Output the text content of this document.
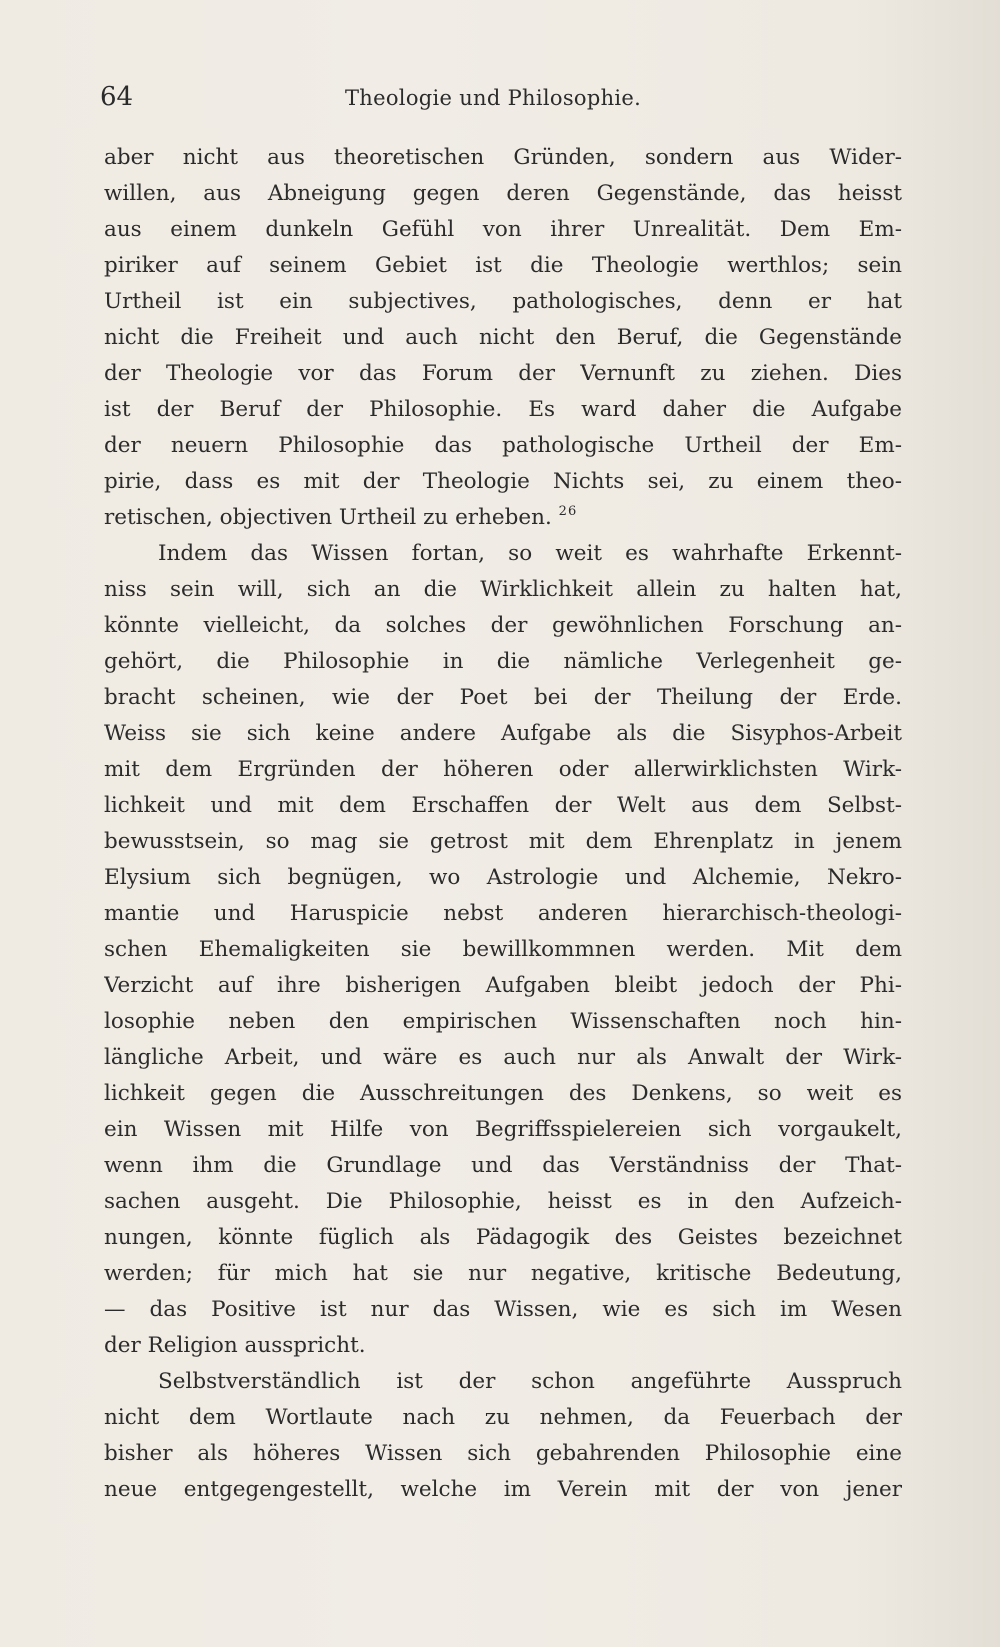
64	Theologie und Philosophie.

aber nicht aus theoretischen Gründen, sondern aus Wider-
willen, aus Abneigung gegen deren Gegenstände, das heisst
aus einem dunkeln Gefühl von ihrer Unrealität. Dem Em-
piriker auf seinem Gebiet ist die Theologie werthlos; sein
Urtheil ist ein subjectives, pathologisches, denn er hat
nicht die Freiheit und auch nicht den Beruf, die Gegenstände
der Theologie vor das Forum der Vernunft zu ziehen. Dies
ist der Beruf der Philosophie. Es ward daher die Aufgabe
der neuern Philosophie das pathologische Urtheil der Em-
pirie, dass es mit der Theologie Nichts sei, zu einem theo-
retischen, objectiven Urtheil zu erheben. $^{26}$
Indem das Wissen fortan, so weit es wahrhafte Erkennt-
niss sein will, sich an die Wirklichkeit allein zu halten hat,
könnte vielleicht, da solches der gewöhnlichen Forschung an-
gehört, die Philosophie in die nämliche Verlegenheit ge-
bracht scheinen, wie der Poet bei der Theilung der Erde.
Weiss sie sich keine andere Aufgabe als die Sisyphos-Arbeit
mit dem Ergründen der höheren oder allerwirklichsten Wirk-
lichkeit und mit dem Erschaffen der Welt aus dem Selbst-
bewusstsein, so mag sie getrost mit dem Ehrenplatz in jenem
Elysium sich begnügen, wo Astrologie und Alchemie, Nekro-
mantie und Haruspicie nebst anderen hierarchisch-theologi-
schen Ehemaligkeiten sie bewillkommnen werden. Mit dem
Verzicht auf ihre bisherigen Aufgaben bleibt jedoch der Phi-
losophie neben den empirischen Wissenschaften noch hin-
längliche Arbeit, und wäre es auch nur als Anwalt der Wirk-
lichkeit gegen die Ausschreitungen des Denkens, so weit es
ein Wissen mit Hilfe von Begriffsspielereien sich vorgaukelt,
wenn ihm die Grundlage und das Verständniss der That-
sachen ausgeht. Die Philosophie, heisst es in den Aufzeich-
nungen, könnte füglich als Pädagogik des Geistes bezeichnet
werden; für mich hat sie nur negative, kritische Bedeutung,
— das Positive ist nur das Wissen, wie es sich im Wesen
der Religion ausspricht.
Selbstverständlich ist der schon angeführte Ausspruch
nicht dem Wortlaute nach zu nehmen, da Feuerbach der
bisher als höheres Wissen sich gebahrenden Philosophie eine
neue entgegengestellt, welche im Verein mit der von jener
